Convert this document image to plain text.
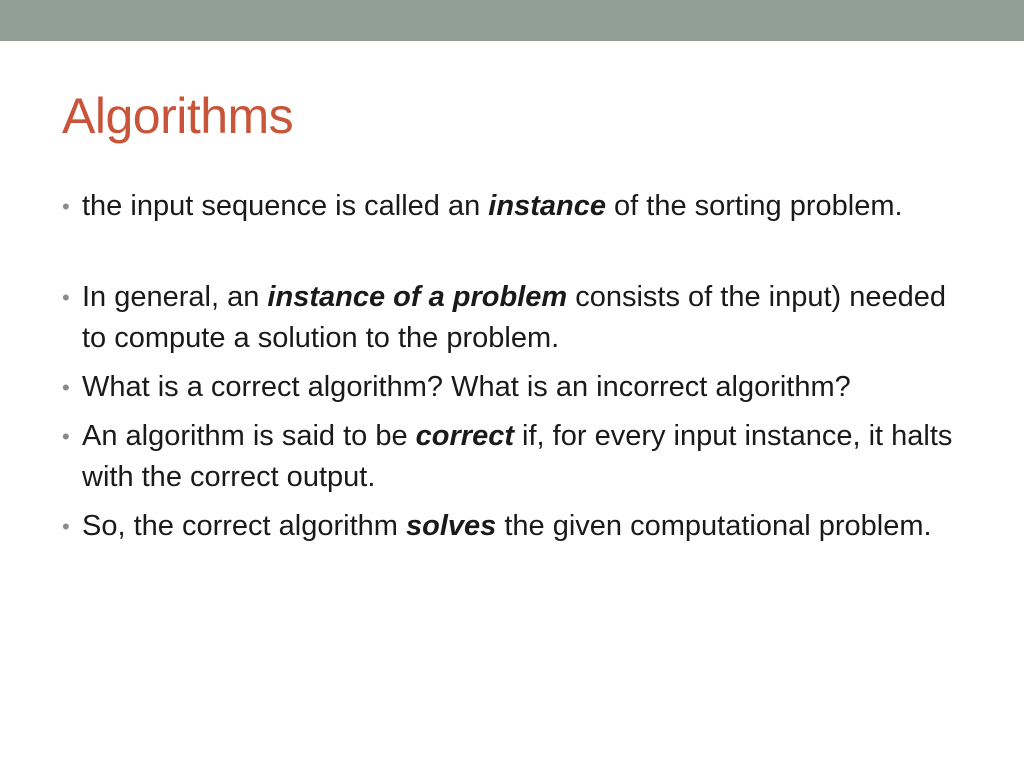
Algorithms
• the input sequence is called an instance of the sorting problem.
• In general, an instance of a problem consists of the input) needed to compute a solution to the problem.
• What is a correct algorithm? What is an incorrect algorithm?
• An algorithm is said to be correct if, for every input instance, it halts with the correct output.
• So, the correct algorithm solves the given computational problem.
